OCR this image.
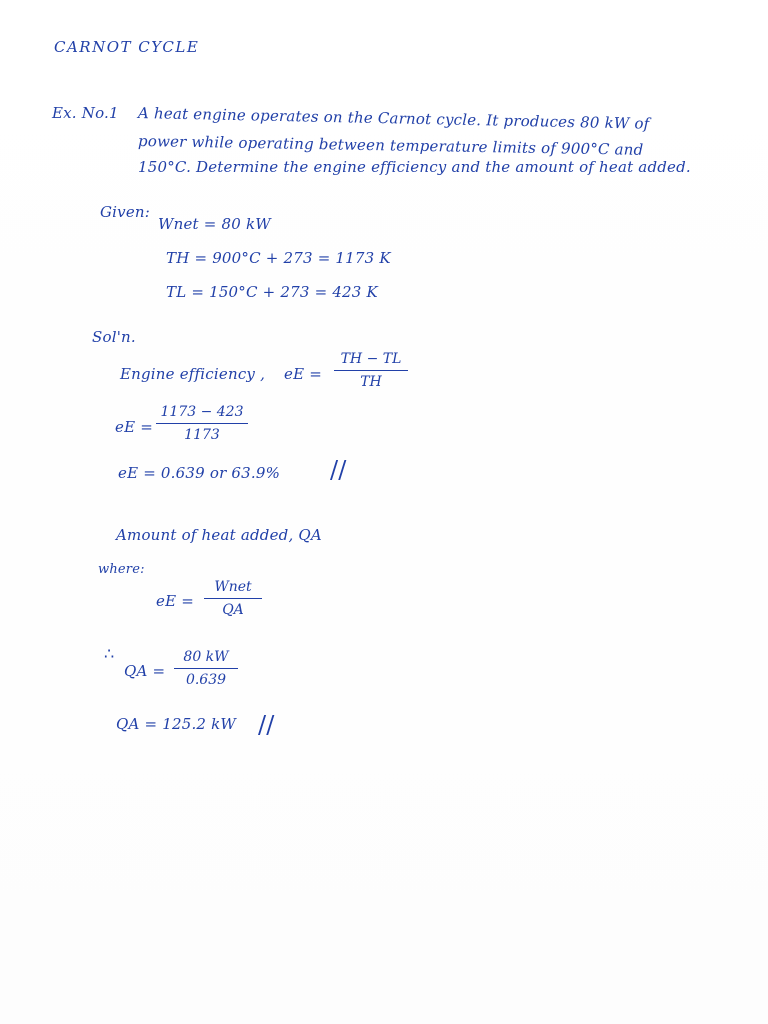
CARNOT CYCLE
Ex. No.1 A heat engine operates on the Carnot cycle. It produces 80 kW of
power while operating between temperature limits of 900°C and
150°C. Determine the engine efficiency and the amount of heat added.
Given:
Wnet = 80 kW
TH = 900°C + 273 = 1173 K
TL = 150°C + 273 = 423 K
Sol'n.
Engine efficiency , eE =
TH − TL
TH
eE =
1173 − 423
1173
eE = 0.639 or 63.9% //
Amount of heat added, QA
where:
eE =
Wnet
QA
∴
QA =
80 kW
0.639
QA = 125.2 kW //
